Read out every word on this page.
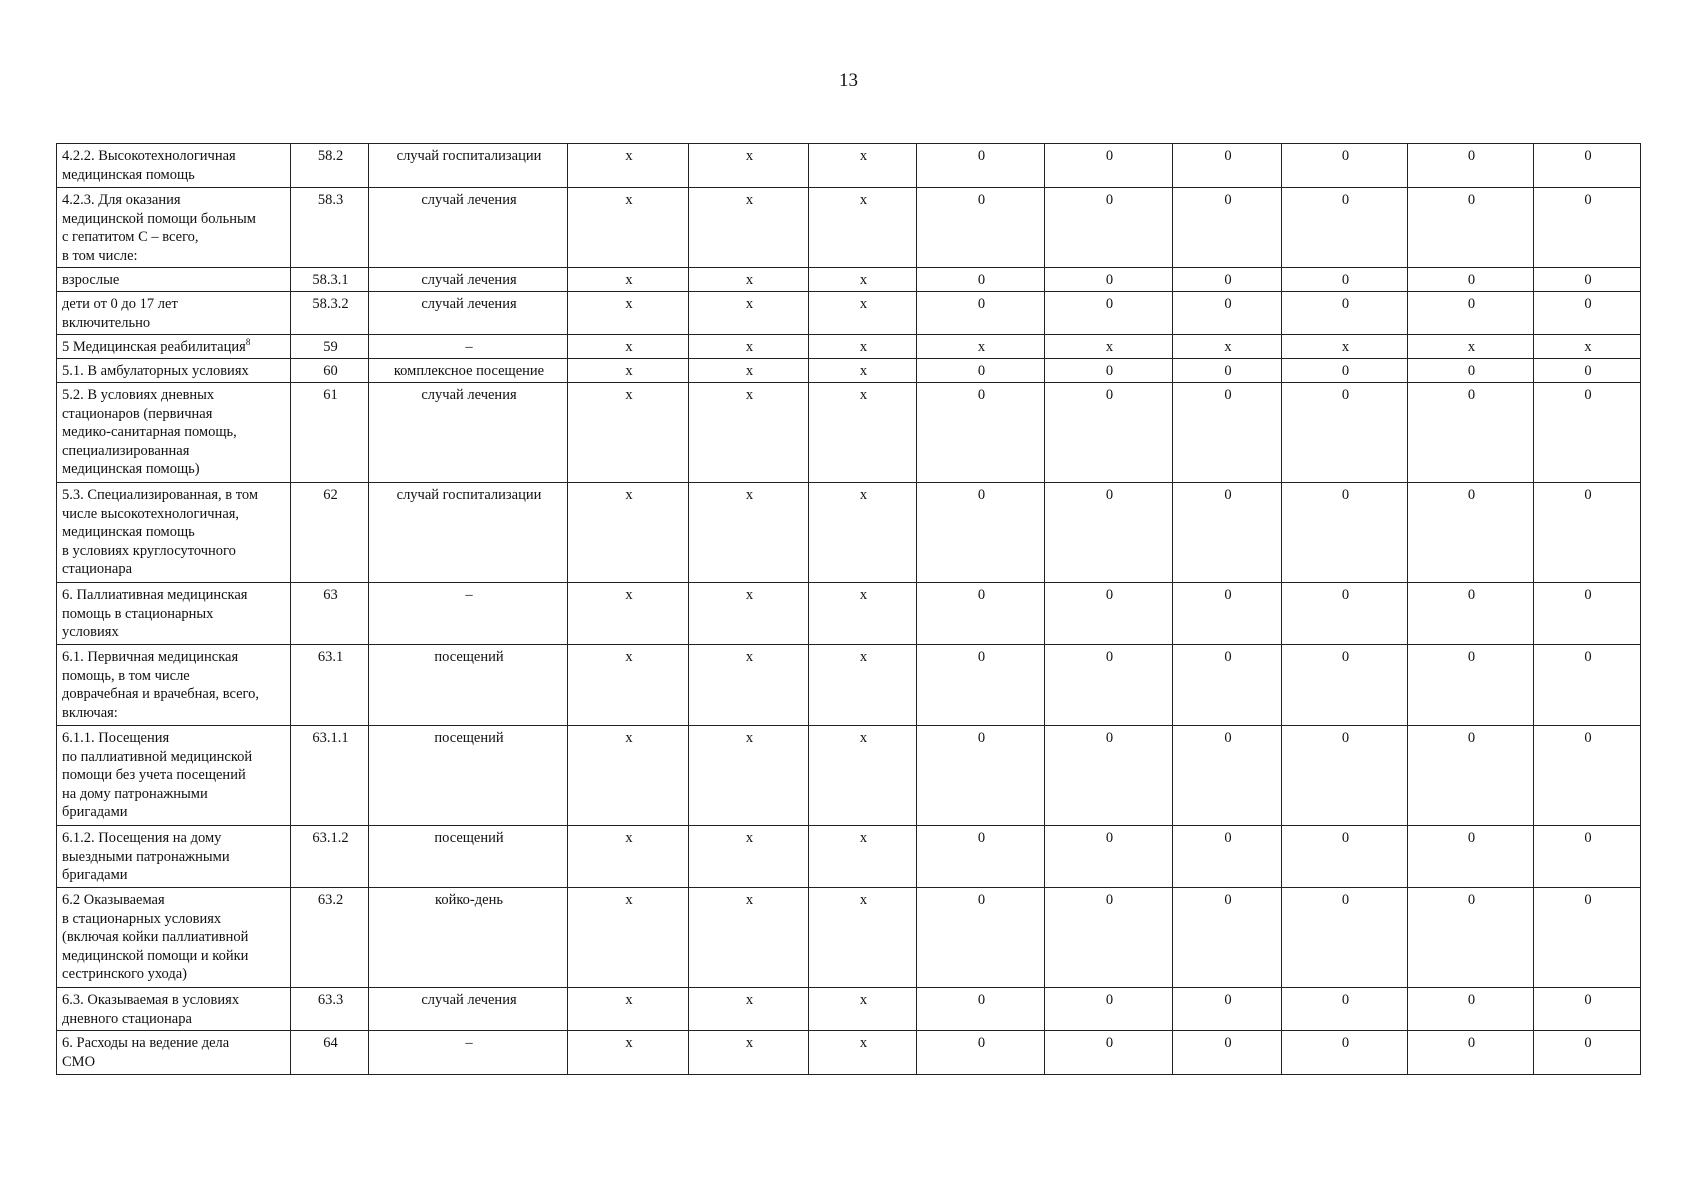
13
4.2.2. Высокотехнологичная
медицинская помощь	58.2	случай госпитализации	x	x	x	0	0	0	0	0	0
4.2.3. Для оказания
медицинской помощи больным
с гепатитом С – всего,
в том числе:	58.3	случай лечения	x	x	x	0	0	0	0	0	0
взрослые	58.3.1	случай лечения	x	x	x	0	0	0	0	0	0
дети от 0 до 17 лет
включительно	58.3.2	случай лечения	x	x	x	0	0	0	0	0	0
5 Медицинская реабилитация$^8$	59	–	x	x	x	x	x	x	x	x	x
5.1. В амбулаторных условиях	60	комплексное посещение	x	x	x	0	0	0	0	0	0
5.2. В условиях дневных
стационаров (первичная
медико-санитарная помощь,
специализированная
медицинская помощь)	61	случай лечения	x	x	x	0	0	0	0	0	0
5.3. Специализированная, в том
числе высокотехнологичная,
медицинская помощь
в условиях круглосуточного
стационара	62	случай госпитализации	x	x	x	0	0	0	0	0	0
6. Паллиативная медицинская
помощь в стационарных
условиях	63	–	x	x	x	0	0	0	0	0	0
6.1. Первичная медицинская
помощь, в том числе
доврачебная и врачебная, всего,
включая:	63.1	посещений	x	x	x	0	0	0	0	0	0
6.1.1. Посещения
по паллиативной медицинской
помощи без учета посещений
на дому патронажными
бригадами	63.1.1	посещений	x	x	x	0	0	0	0	0	0
6.1.2. Посещения на дому
выездными патронажными
бригадами	63.1.2	посещений	x	x	x	0	0	0	0	0	0
6.2 Оказываемая
в стационарных условиях
(включая койки паллиативной
медицинской помощи и койки
сестринского ухода)	63.2	койко-день	x	x	x	0	0	0	0	0	0
6.3. Оказываемая в условиях
дневного стационара	63.3	случай лечения	x	x	x	0	0	0	0	0	0
6. Расходы на ведение дела
СМО	64	–	x	x	x	0	0	0	0	0	0
